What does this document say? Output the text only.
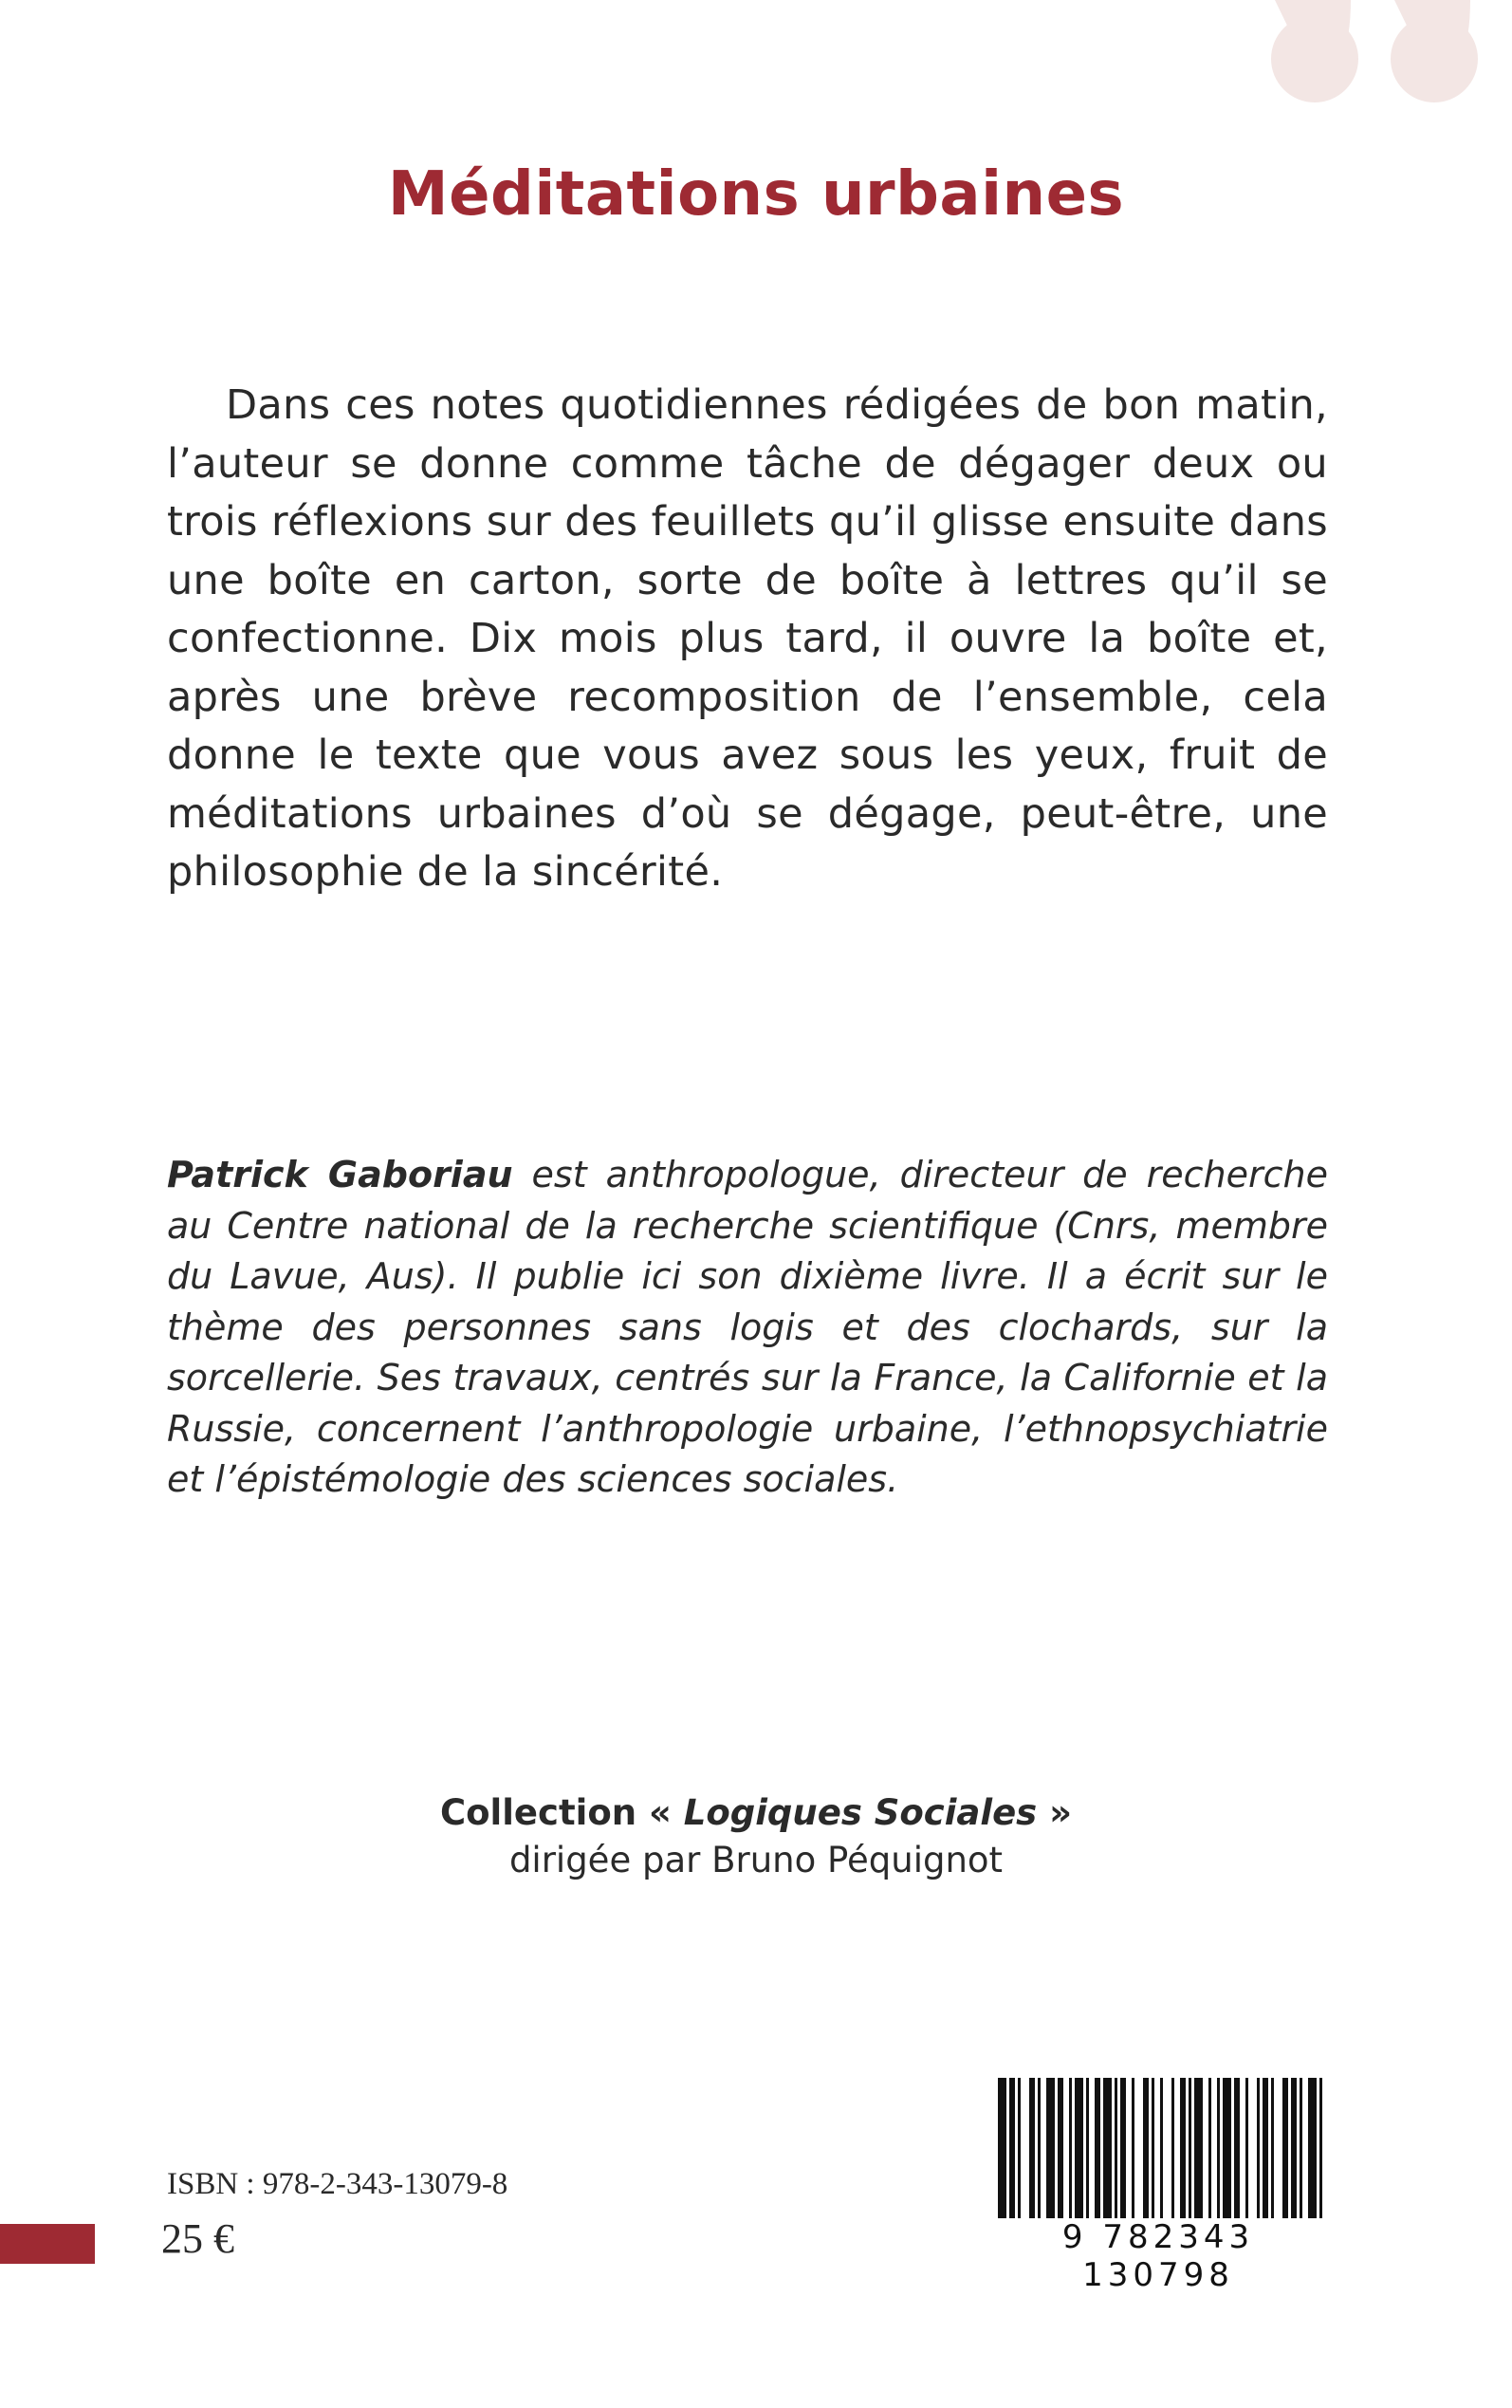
Méditations urbaines

Dans ces notes quotidiennes rédigées de bon matin, l’auteur se donne comme tâche de dégager deux ou trois réflexions sur des feuillets qu’il glisse ensuite dans une boîte en carton, sorte de boîte à lettres qu’il se confectionne. Dix mois plus tard, il ouvre la boîte et, après une brève recomposition de l’ensemble, cela donne le texte que vous avez sous les yeux, fruit de méditations urbaines d’où se dégage, peut-être, une philosophie de la sincérité.

Patrick Gaboriau est anthropologue, directeur de recherche au Centre national de la recherche scientifique (Cnrs, membre du Lavue, Aus). Il publie ici son dixième livre. Il a écrit sur le thème des personnes sans logis et des clochards, sur la sorcellerie. Ses travaux, centrés sur la France, la Californie et la Russie, concernent l’anthropologie urbaine, l’ethnopsychiatrie et l’épistémologie des sciences sociales.

Collection « Logiques Sociales »
dirigée par Bruno Péquignot
ISBN : 978-2-343-13079-8
25 €	9 782343 130798
